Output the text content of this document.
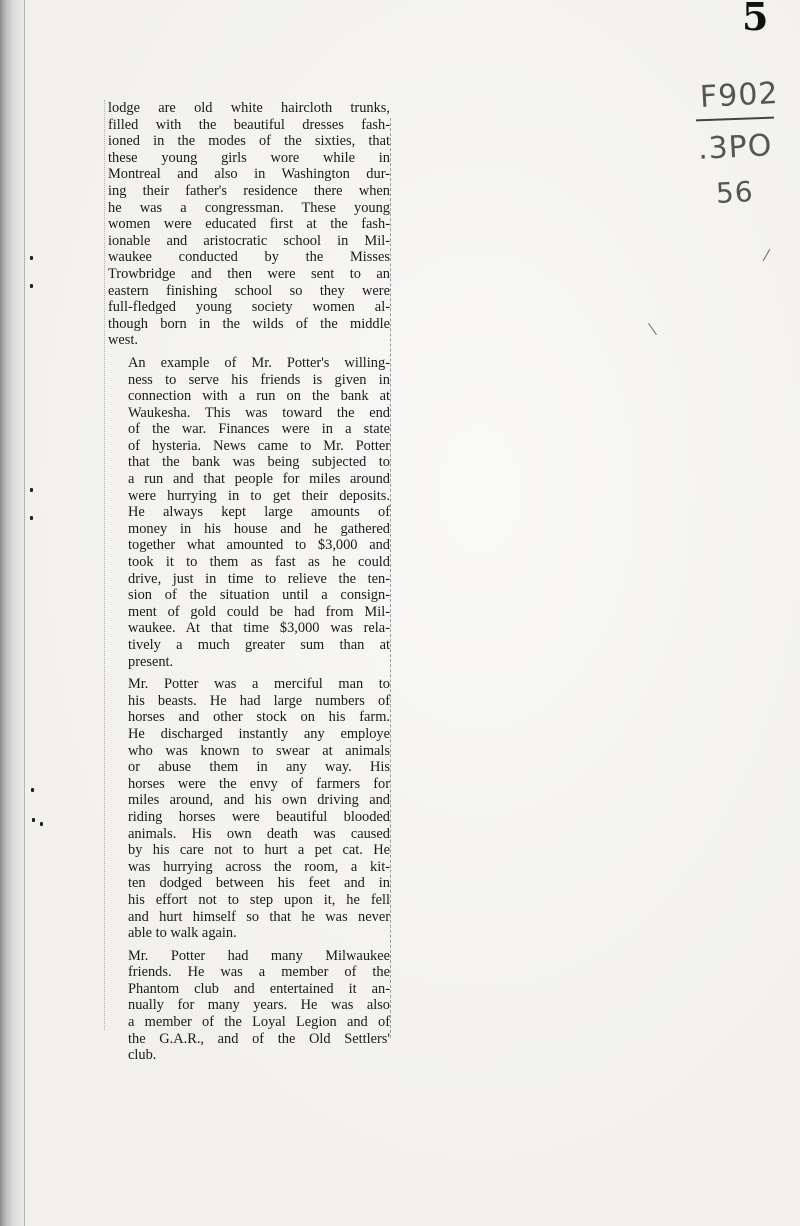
5
F902
.3PO
56

lodge are old white haircloth trunks,
filled with the beautiful dresses fash-
ioned in the modes of the sixties, that
these young girls wore while in
Montreal and also in Washington dur-
ing their father's residence there when
he was a congressman. These young
women were educated first at the fash-
ionable and aristocratic school in Mil-
waukee conducted by the Misses
Trowbridge and then were sent to an
eastern finishing school so they were
full-fledged young society women al-
though born in the wilds of the middle
west.

An example of Mr. Potter's willing-
ness to serve his friends is given in
connection with a run on the bank at
Waukesha. This was toward the end
of the war. Finances were in a state
of hysteria. News came to Mr. Potter
that the bank was being subjected to
a run and that people for miles around
were hurrying in to get their deposits.
He always kept large amounts of
money in his house and he gathered
together what amounted to $3,000 and
took it to them as fast as he could
drive, just in time to relieve the ten-
sion of the situation until a consign-
ment of gold could be had from Mil-
waukee. At that time $3,000 was rela-
tively a much greater sum than at
present.

Mr. Potter was a merciful man to
his beasts. He had large numbers of
horses and other stock on his farm.
He discharged instantly any employe
who was known to swear at animals
or abuse them in any way. His
horses were the envy of farmers for
miles around, and his own driving and
riding horses were beautiful blooded
animals. His own death was caused
by his care not to hurt a pet cat. He
was hurrying across the room, a kit-
ten dodged between his feet and in
his effort not to step upon it, he fell
and hurt himself so that he was never
able to walk again.

Mr. Potter had many Milwaukee
friends. He was a member of the
Phantom club and entertained it an-
nually for many years. He was also
a member of the Loyal Legion and of
the G.A.R., and of the Old Settlers'
club.
